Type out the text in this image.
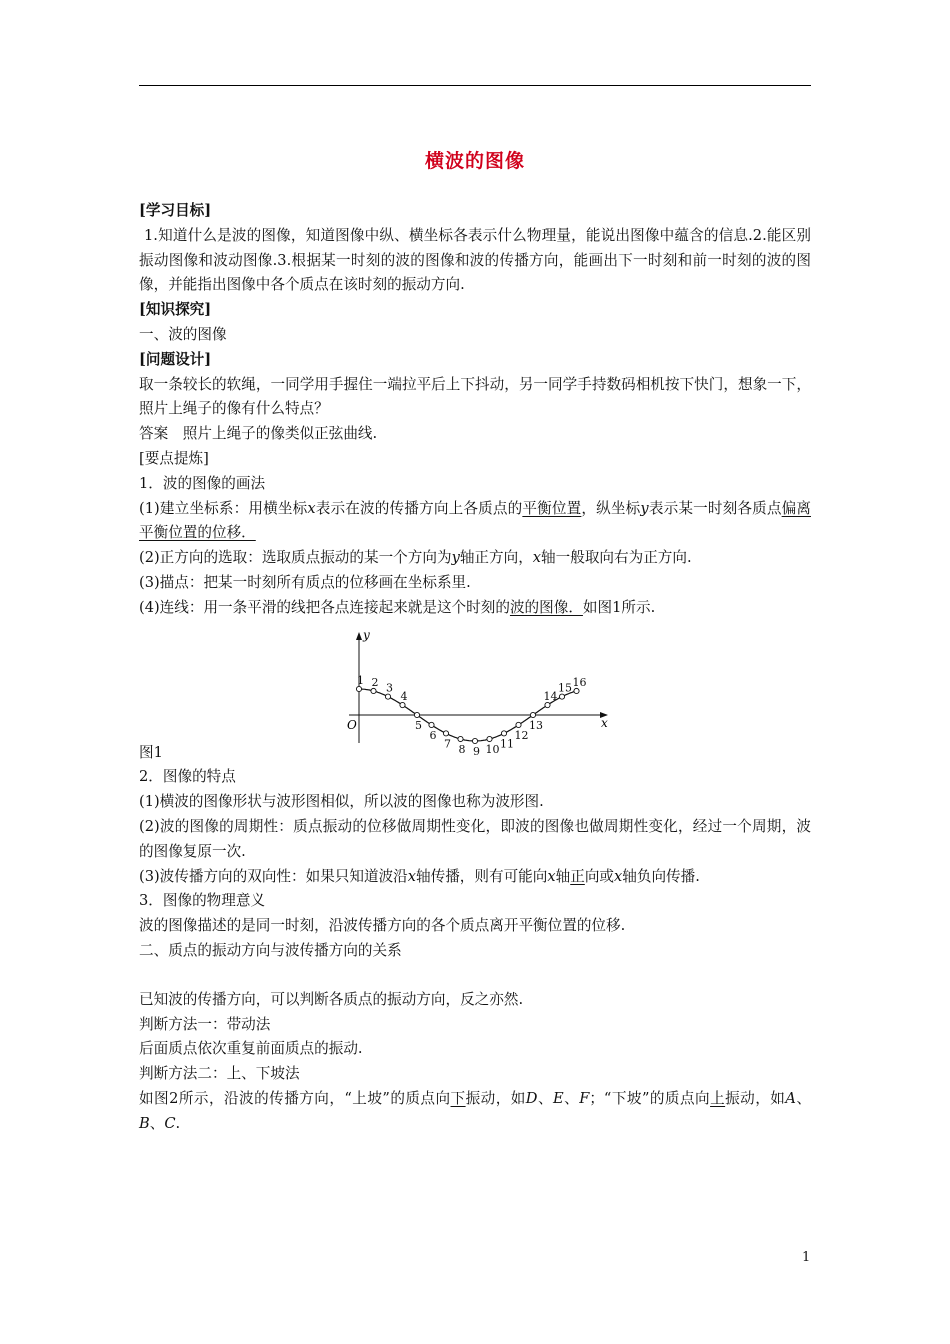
横波的图像

[学习目标]

1.知道什么是波的图像，知道图像中纵、横坐标各表示什么物理量，能说出图像中蕴含的信息.2.能区别振动图像和波动图像.3.根据某一时刻的波的图像和波的传播方向，能画出下一时刻和前一时刻的波的图像，并能指出图像中各个质点在该时刻的振动方向.

[知识探究]

一、波的图像

[问题设计]

取一条较长的软绳，一同学用手握住一端拉平后上下抖动，另一同学手持数码相机按下快门，想象一下，照片上绳子的像有什么特点？

答案　照片上绳子的像类似正弦曲线.

[要点提炼]

1．波的图像的画法

(1)建立坐标系：用横坐标x表示在波的传播方向上各质点的平衡位置，纵坐标y表示某一时刻各质点偏离平衡位置的位移．

(2)正方向的选取：选取质点振动的某一个方向为y轴正方向，x轴一般取向右为正方向.

(3)描点：把某一时刻所有质点的位移画在坐标系里.

(4)连线：用一条平滑的线把各点连接起来就是这个时刻的波的图像．如图1所示.

y
x
O
1 2 3
4
5
6
7 8 9 10 11
12
13
14
15 16

图1

2．图像的特点

(1)横波的图像形状与波形图相似，所以波的图像也称为波形图.

(2)波的图像的周期性：质点振动的位移做周期性变化，即波的图像也做周期性变化，经过一个周期，波的图像复原一次.

(3)波传播方向的双向性：如果只知道波沿x轴传播，则有可能向x轴正向或x轴负向传播.

3．图像的物理意义

波的图像描述的是同一时刻，沿波传播方向的各个质点离开平衡位置的位移.

二、质点的振动方向与波传播方向的关系

已知波的传播方向，可以判断各质点的振动方向，反之亦然.

判断方法一：带动法

后面质点依次重复前面质点的振动.

判断方法二：上、下坡法

如图2所示，沿波的传播方向，“上坡”的质点向下振动，如D、E、F；“下坡”的质点向上振动，如A、B、C.

1
